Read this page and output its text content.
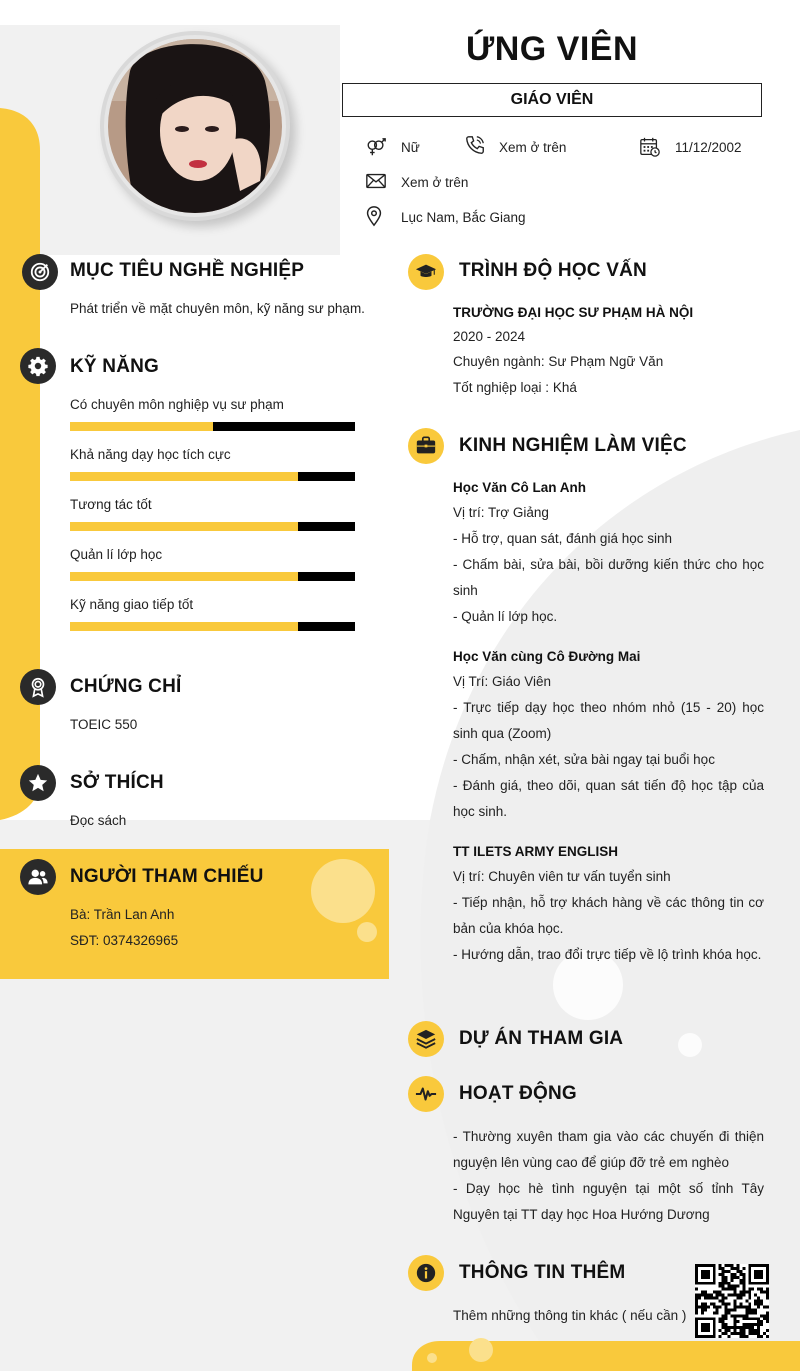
ỨNG VIÊN
GIÁO VIÊN
Nữ	Xem ở trên	11/12/2002
Xem ở trên
Lục Nam, Bắc Giang
MỤC TIÊU NGHỀ NGHIỆP
Phát triển về mặt chuyên môn, kỹ năng sư phạm.
KỸ NĂNG
Có chuyên môn nghiệp vụ sư phạm
Khả năng dạy học tích cực
Tương tác tốt
Quản lí lớp học
Kỹ năng giao tiếp tốt
CHỨNG CHỈ
TOEIC 550
SỞ THÍCH
Đọc sách
NGƯỜI THAM CHIẾU
Bà: Trần Lan Anh
SĐT: 0374326965
TRÌNH ĐỘ HỌC VẤN
TRƯỜNG ĐẠI HỌC SƯ PHẠM HÀ NỘI
2020 - 2024
Chuyên ngành: Sư Phạm Ngữ Văn
Tốt nghiệp loại : Khá
KINH NGHIỆM LÀM VIỆC
Học Văn Cô Lan Anh
Vị trí: Trợ Giảng
- Hỗ trợ, quan sát, đánh giá học sinh
- Chấm bài, sửa bài, bồi dưỡng kiến thức cho học sinh
- Quản lí lớp học.
Học Văn cùng Cô Đường Mai
Vị Trí: Giáo Viên
- Trực tiếp dạy học theo nhóm nhỏ (15 - 20) học sinh qua (Zoom)
- Chấm, nhận xét, sửa bài ngay tại buổi học
- Đánh giá, theo dõi, quan sát tiến độ học tập của học sinh.
TT ILETS ARMY ENGLISH
Vị trí: Chuyên viên tư vấn tuyển sinh
- Tiếp nhận, hỗ trợ khách hàng về các thông tin cơ bản của khóa học.
- Hướng dẫn, trao đổi trực tiếp về lộ trình khóa học.
DỰ ÁN THAM GIA
HOẠT ĐỘNG
- Thường xuyên tham gia vào các chuyến đi thiện nguyện lên vùng cao để giúp đỡ trẻ em nghèo
- Dạy học hè tình nguyện tại một số tỉnh Tây Nguyên tại TT dạy học Hoa Hướng Dương
THÔNG TIN THÊM
Thêm những thông tin khác ( nếu cần )
